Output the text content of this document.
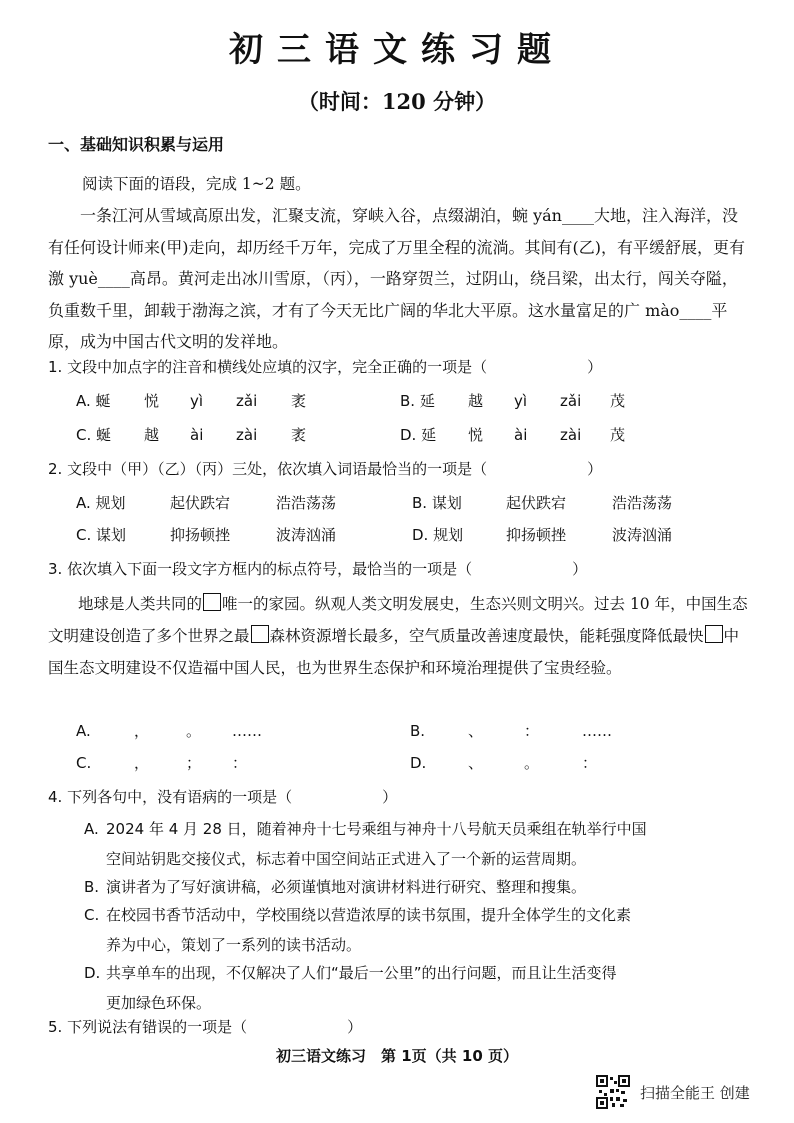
初三语文练习题
（时间：120 分钟）
一、基础知识积累与运用
阅读下面的语段，完成 1~2 题。
一条江河从雪域高原出发，汇聚支流，穿峡入谷，点缀湖泊，蜿 yán____大地，注入海洋，没有任何设计师来(甲)走向，却历经千万年，完成了万里全程的流淌。其间有(乙)，有平缓舒展，更有激 yuè____高昂。黄河走出冰川雪原，（丙），一路穿贺兰，过阴山，绕吕梁，出太行，闯关夺隘，负重数千里，卸载于渤海之滨，才有了今天无比广阔的华北大平原。这水量富足的广 mào____平原，成为中国古代文明的发祥地。
1. 文段中加点字的注音和横线处应填的汉字，完全正确的一项是（	）
A. 蜒 悦 yì zǎi 袤	B. 延 越 yì zǎi 茂
C. 蜒 越 ài zài 袤	D. 延 悦 ài zài 茂
2. 文段中（甲）（乙）（丙）三处，依次填入词语最恰当的一项是（	）
A. 规划	起伏跌宕	浩浩荡荡	B. 谋划	起伏跌宕	浩浩荡荡
C. 谋划	抑扬顿挫	波涛汹涌	D. 规划	抑扬顿挫	波涛汹涌
3. 依次填入下面一段文字方框内的标点符号，最恰当的一项是（	）
地球是人类共同的 唯一的家园。纵观人类文明发展史，生态兴则文明兴。过去 10 年，中国生态文明建设创造了多个世界之最 森林资源增长最多，空气质量改善速度最快，能耗强度降低最快 中国生态文明建设不仅造福中国人民，也为世界生态保护和环境治理提供了宝贵经验。
A.	， 。 ……	B.	、	：	……
C.	， ； ：	D.	、	。	：
4. 下列各句中，没有语病的一项是（	）
A. 2024 年 4 月 28 日，随着神舟十七号乘组与神舟十八号航天员乘组在轨举行中国
空间站钥匙交接仪式，标志着中国空间站正式进入了一个新的运营周期。
B. 演讲者为了写好演讲稿，必须谨慎地对演讲材料进行研究、整理和搜集。
C. 在校园书香节活动中，学校围绕以营造浓厚的读书氛围，提升全体学生的文化素
养为中心，策划了一系列的读书活动。
D. 共享单车的出现，不仅解决了人们“最后一公里”的出行问题，而且让生活变得
更加绿色环保。
5. 下列说法有错误的一项是（	）
初三语文练习　第 1页（共 10 页）
扫描全能王 创建
